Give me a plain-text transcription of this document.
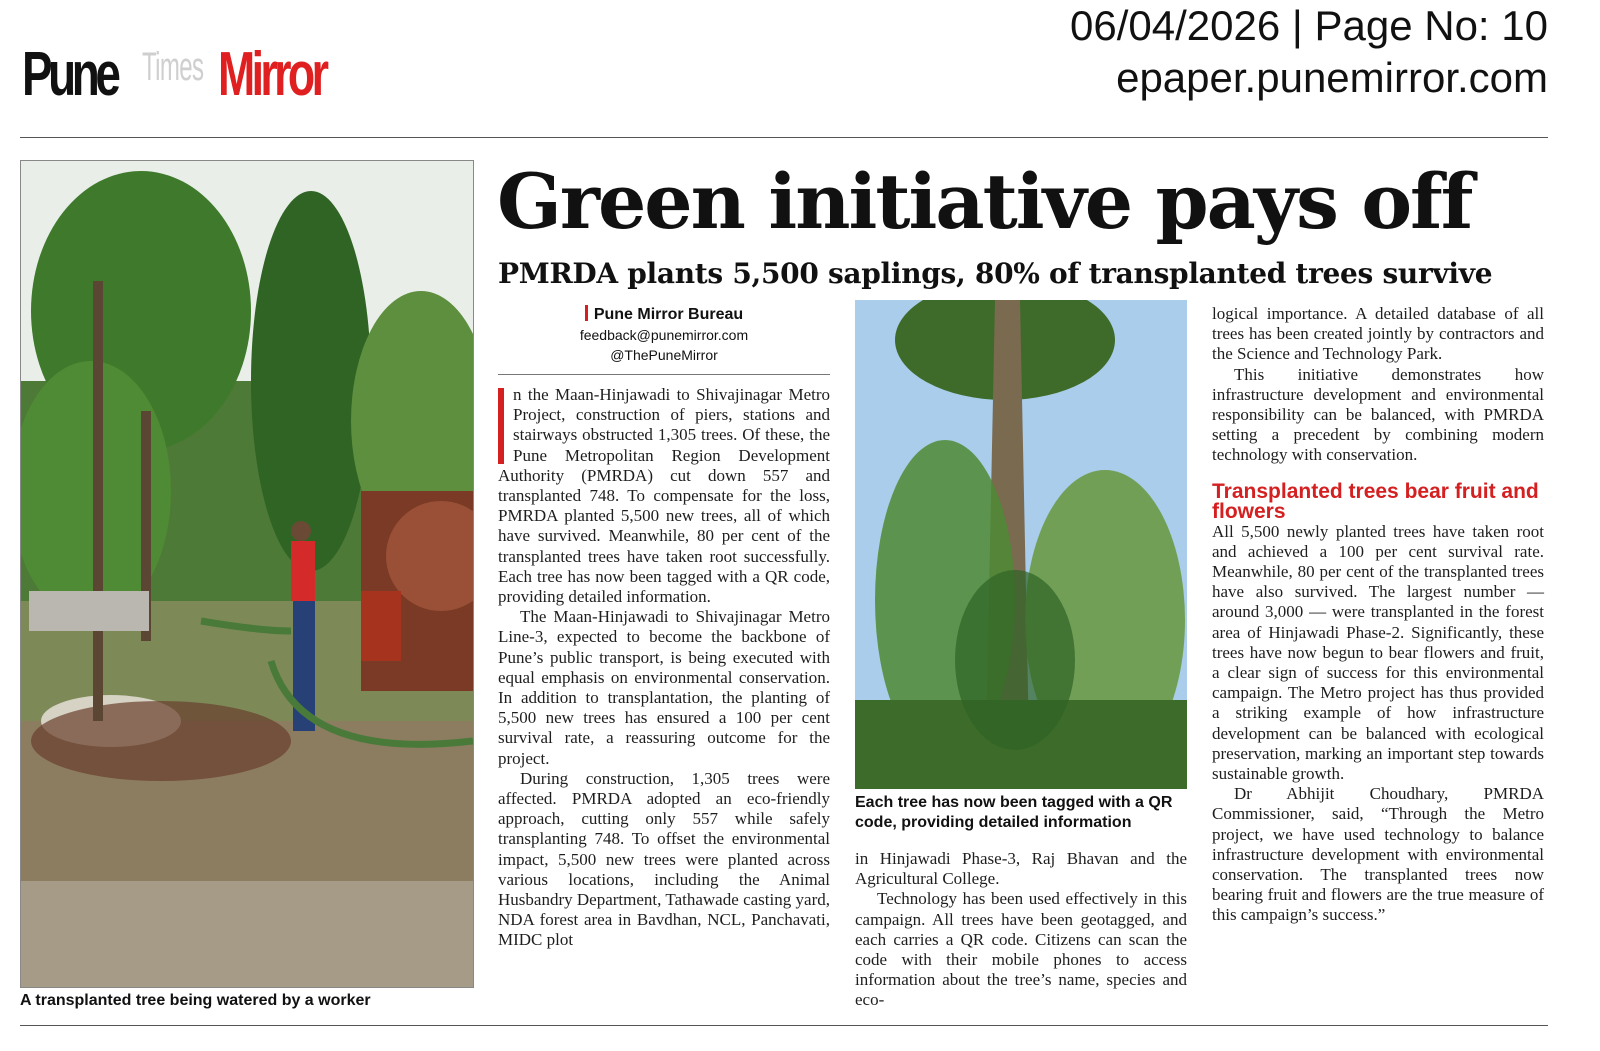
Pune Times Mirror
06/04/2026 | Page No: 10
epaper.punemirror.com
A transplanted tree being watered by a worker
Green initiative pays off
PMRDA plants 5,500 saplings, 80% of transplanted trees survive
Pune Mirror Bureau
feedback@punemirror.com
@ThePuneMirror

n the Maan-Hinjawadi to Shivajinagar Metro Project, construction of piers, stations and stairways obstructed 1,305 trees. Of these, the Pune Metropolitan Region Development Authority (PMRDA) cut down 557 and transplanted 748. To compensate for the loss, PMRDA planted 5,500 new trees, all of which have survived. Meanwhile, 80 per cent of the transplanted trees have taken root successfully. Each tree has now been tagged with a QR code, providing detailed information.

The Maan-Hinjawadi to Shivajinagar Metro Line-3, expected to become the backbone of Pune’s public transport, is being executed with equal emphasis on environmental conservation. In addition to transplantation, the planting of 5,500 new trees has ensured a 100 per cent survival rate, a reassuring outcome for the project.

During construction, 1,305 trees were affected. PMRDA adopted an eco-friendly approach, cutting only 557 while safely transplanting 748. To offset the environmental impact, 5,500 new trees were planted across various locations, including the Animal Husbandry Department, Tathawade casting yard, NDA forest area in Bavdhan, NCL, Panchavati, MIDC plot

Each tree has now been tagged with a QR code, providing detailed information

in Hinjawadi Phase-3, Raj Bhavan and the Agricultural College.

Technology has been used effectively in this campaign. All trees have been geotagged, and each carries a QR code. Citizens can scan the code with their mobile phones to access information about the tree’s name, species and eco-

logical importance. A detailed database of all trees has been created jointly by contractors and the Science and Technology Park.

This initiative demonstrates how infrastructure development and environmental responsibility can be balanced, with PMRDA setting a precedent by combining modern technology with conservation.

Transplanted trees bear fruit and flowers

All 5,500 newly planted trees have taken root and achieved a 100 per cent survival rate. Meanwhile, 80 per cent of the transplanted trees have also survived. The largest number — around 3,000 — were transplanted in the forest area of Hinjawadi Phase-2. Significantly, these trees have now begun to bear flowers and fruit, a clear sign of success for this environmental campaign. The Metro project has thus provided a striking example of how infrastructure development can be balanced with ecological preservation, marking an important step towards sustainable growth.

Dr Abhijit Choudhary, PMRDA Commissioner, said, “Through the Metro project, we have used technology to balance infrastructure development with environmental conservation. The transplanted trees now bearing fruit and flowers are the true measure of this campaign’s success.”
